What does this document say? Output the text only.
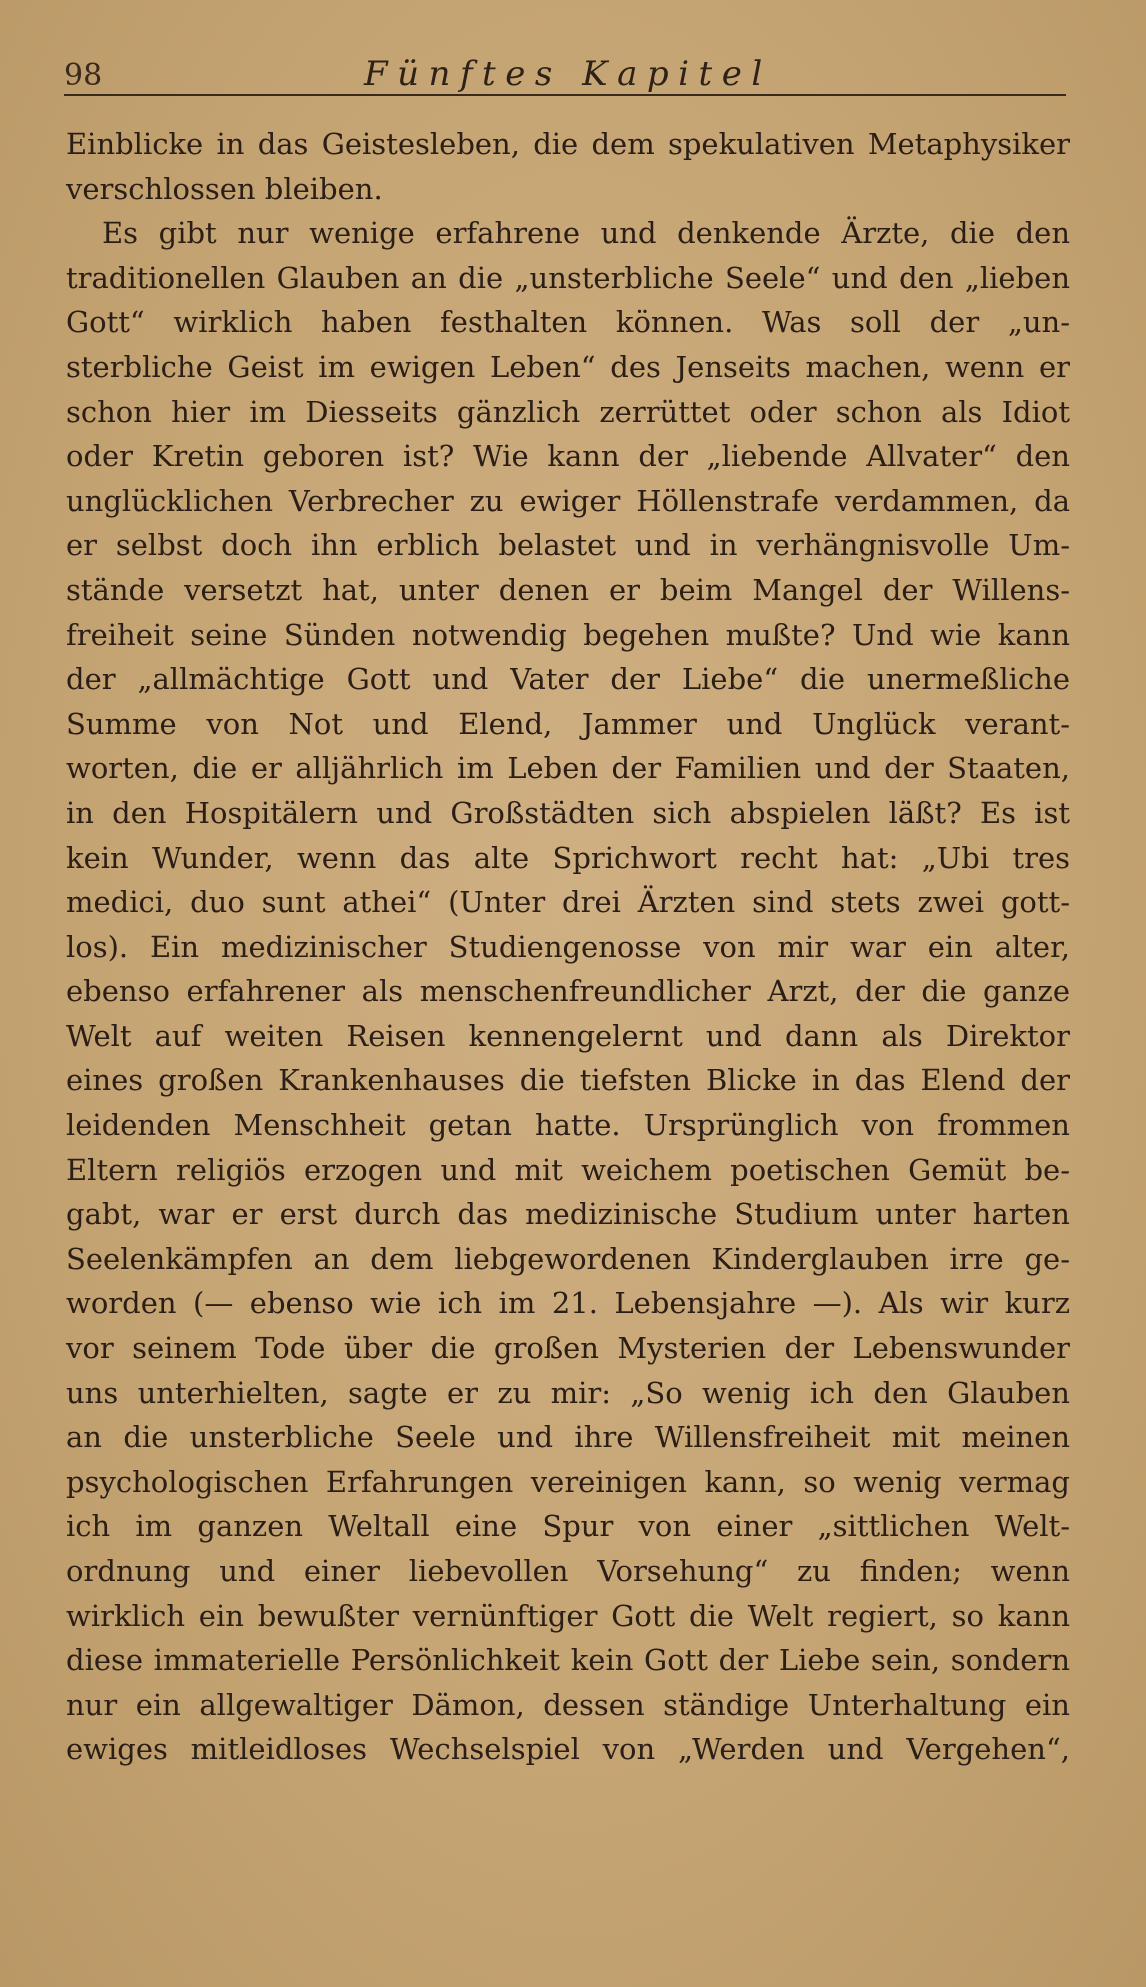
98	Fünftes Kapitel
Einblicke in das Geistesleben, die dem spekulativen Metaphysiker
verschlossen bleiben.
Es gibt nur wenige erfahrene und denkende Ärzte, die den
traditionellen Glauben an die „unsterbliche Seele“ und den „lieben
Gott“ wirklich haben festhalten können. Was soll der „un-
sterbliche Geist im ewigen Leben“ des Jenseits machen, wenn er
schon hier im Diesseits gänzlich zerrüttet oder schon als Idiot
oder Kretin geboren ist? Wie kann der „liebende Allvater“ den
unglücklichen Verbrecher zu ewiger Höllenstrafe verdammen, da
er selbst doch ihn erblich belastet und in verhängnisvolle Um-
stände versetzt hat, unter denen er beim Mangel der Willens-
freiheit seine Sünden notwendig begehen mußte? Und wie kann
der „allmächtige Gott und Vater der Liebe“ die unermeßliche
Summe von Not und Elend, Jammer und Unglück verant-
worten, die er alljährlich im Leben der Familien und der Staaten,
in den Hospitälern und Großstädten sich abspielen läßt? Es ist
kein Wunder, wenn das alte Sprichwort recht hat: „Ubi tres
medici, duo sunt athei“ (Unter drei Ärzten sind stets zwei gott-
los). Ein medizinischer Studiengenosse von mir war ein alter,
ebenso erfahrener als menschenfreundlicher Arzt, der die ganze
Welt auf weiten Reisen kennengelernt und dann als Direktor
eines großen Krankenhauses die tiefsten Blicke in das Elend der
leidenden Menschheit getan hatte. Ursprünglich von frommen
Eltern religiös erzogen und mit weichem poetischen Gemüt be-
gabt, war er erst durch das medizinische Studium unter harten
Seelenkämpfen an dem liebgewordenen Kinderglauben irre ge-
worden (— ebenso wie ich im 21. Lebensjahre —). Als wir kurz
vor seinem Tode über die großen Mysterien der Lebenswunder
uns unterhielten, sagte er zu mir: „So wenig ich den Glauben
an die unsterbliche Seele und ihre Willensfreiheit mit meinen
psychologischen Erfahrungen vereinigen kann, so wenig vermag
ich im ganzen Weltall eine Spur von einer „sittlichen Welt-
ordnung und einer liebevollen Vorsehung“ zu finden; wenn
wirklich ein bewußter vernünftiger Gott die Welt regiert, so kann
diese immaterielle Persönlichkeit kein Gott der Liebe sein, sondern
nur ein allgewaltiger Dämon, dessen ständige Unterhaltung ein
ewiges mitleidloses Wechselspiel von „Werden und Vergehen“,
